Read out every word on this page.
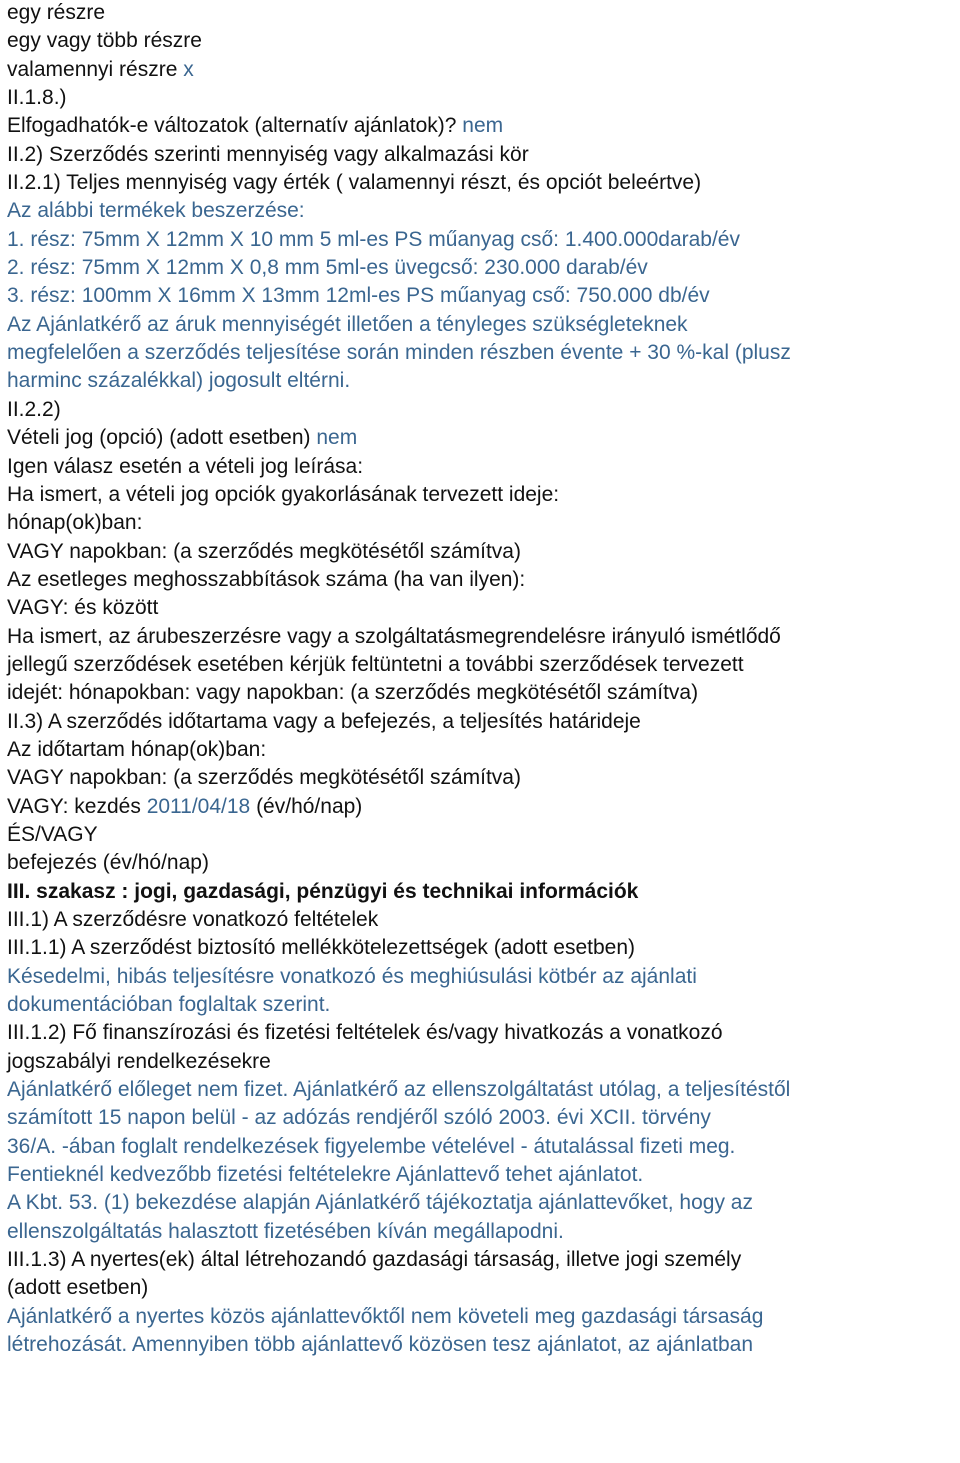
egy részre
egy vagy több részre
valamennyi részre x
II.1.8.)
Elfogadhatók-e változatok (alternatív ajánlatok)? nem
II.2) Szerződés szerinti mennyiség vagy alkalmazási kör
II.2.1) Teljes mennyiség vagy érték ( valamennyi részt, és opciót beleértve)
Az alábbi termékek beszerzése:
1. rész: 75mm X 12mm X 10 mm 5 ml-es PS műanyag cső: 1.400.000darab/év
2. rész: 75mm X 12mm X 0,8 mm 5ml-es üvegcső: 230.000 darab/év
3. rész: 100mm X 16mm X 13mm 12ml-es PS műanyag cső: 750.000 db/év
Az Ajánlatkérő az áruk mennyiségét illetően a tényleges szükségleteknek
megfelelően a szerződés teljesítése során minden részben évente + 30 %-kal (plusz
harminc százalékkal) jogosult eltérni.
II.2.2)
Vételi jog (opció) (adott esetben) nem
Igen válasz esetén a vételi jog leírása:
Ha ismert, a vételi jog opciók gyakorlásának tervezett ideje:
hónap(ok)ban:
VAGY napokban: (a szerződés megkötésétől számítva)
Az esetleges meghosszabbítások száma (ha van ilyen):
VAGY: és között
Ha ismert, az árubeszerzésre vagy a szolgáltatásmegrendelésre irányuló ismétlődő
jellegű szerződések esetében kérjük feltüntetni a további szerződések tervezett
idejét: hónapokban: vagy napokban: (a szerződés megkötésétől számítva)
II.3) A szerződés időtartama vagy a befejezés, a teljesítés határideje
Az időtartam hónap(ok)ban:
VAGY napokban: (a szerződés megkötésétől számítva)
VAGY: kezdés 2011/04/18 (év/hó/nap)
ÉS/VAGY
befejezés (év/hó/nap)
III. szakasz : jogi, gazdasági, pénzügyi és technikai információk
III.1) A szerződésre vonatkozó feltételek
III.1.1) A szerződést biztosító mellékkötelezettségek (adott esetben)
Késedelmi, hibás teljesítésre vonatkozó és meghiúsulási kötbér az ajánlati
dokumentációban foglaltak szerint.
III.1.2) Fő finanszírozási és fizetési feltételek és/vagy hivatkozás a vonatkozó
jogszabályi rendelkezésekre
Ajánlatkérő előleget nem fizet. Ajánlatkérő az ellenszolgáltatást utólag, a teljesítéstől
számított 15 napon belül - az adózás rendjéről szóló 2003. évi XCII. törvény
36/A. -ában foglalt rendelkezések figyelembe vételével - átutalással fizeti meg.
Fentieknél kedvezőbb fizetési feltételekre Ajánlattevő tehet ajánlatot.
A Kbt. 53. (1) bekezdése alapján Ajánlatkérő tájékoztatja ajánlattevőket, hogy az
ellenszolgáltatás halasztott fizetésében kíván megállapodni.
III.1.3) A nyertes(ek) által létrehozandó gazdasági társaság, illetve jogi személy
(adott esetben)
Ajánlatkérő a nyertes közös ajánlattevőktől nem követeli meg gazdasági társaság
létrehozását. Amennyiben több ajánlattevő közösen tesz ajánlatot, az ajánlatban
